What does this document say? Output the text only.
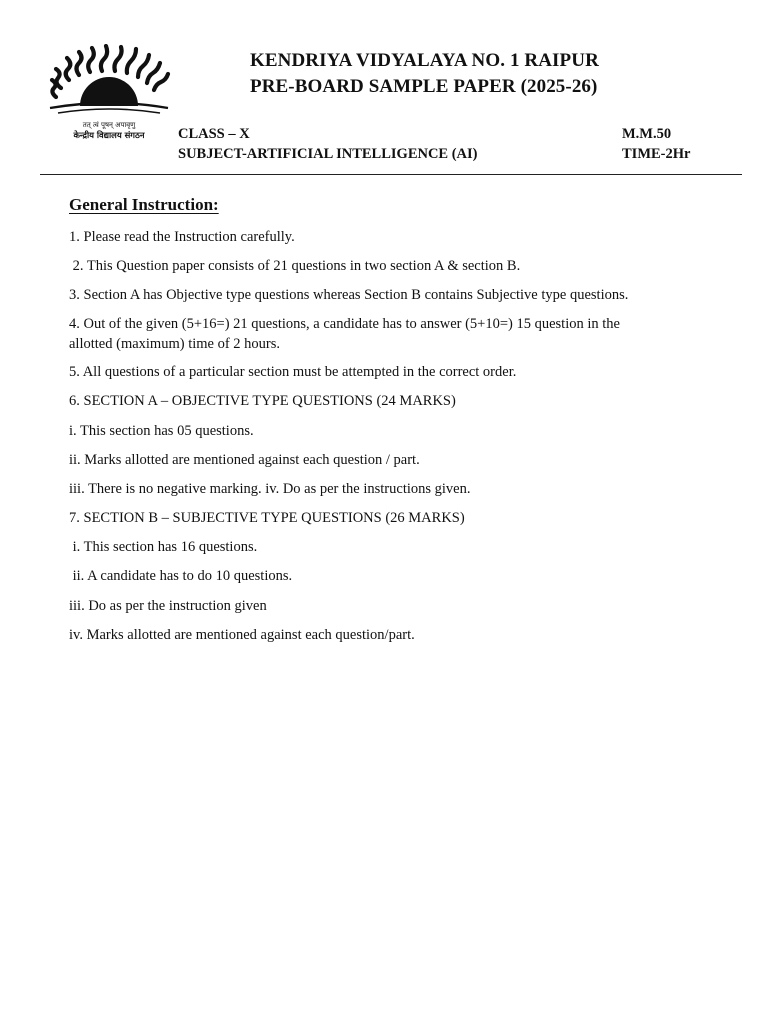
तत् त्वं पूषन् अपावृणु
केन्द्रीय विद्यालय संगठन
KENDRIYA VIDYALAYA NO. 1 RAIPUR
PRE-BOARD SAMPLE PAPER (2025-26)
CLASS – X
SUBJECT-ARTIFICIAL INTELLIGENCE (AI)
M.M.50
TIME-2Hr
General Instruction:
1. Please read the Instruction carefully.
2. This Question paper consists of 21 questions in two section A & section B.
3. Section A has Objective type questions whereas Section B contains Subjective type questions.
4. Out of the given (5+16=) 21 questions, a candidate has to answer (5+10=) 15 question in the
allotted (maximum) time of 2 hours.
5. All questions of a particular section must be attempted in the correct order.
6. SECTION A – OBJECTIVE TYPE QUESTIONS (24 MARKS)
i. This section has 05 questions.
ii. Marks allotted are mentioned against each question / part.
iii. There is no negative marking. iv. Do as per the instructions given.
7. SECTION B – SUBJECTIVE TYPE QUESTIONS (26 MARKS)
i. This section has 16 questions.
ii. A candidate has to do 10 questions.
iii. Do as per the instruction given
iv. Marks allotted are mentioned against each question/part.
